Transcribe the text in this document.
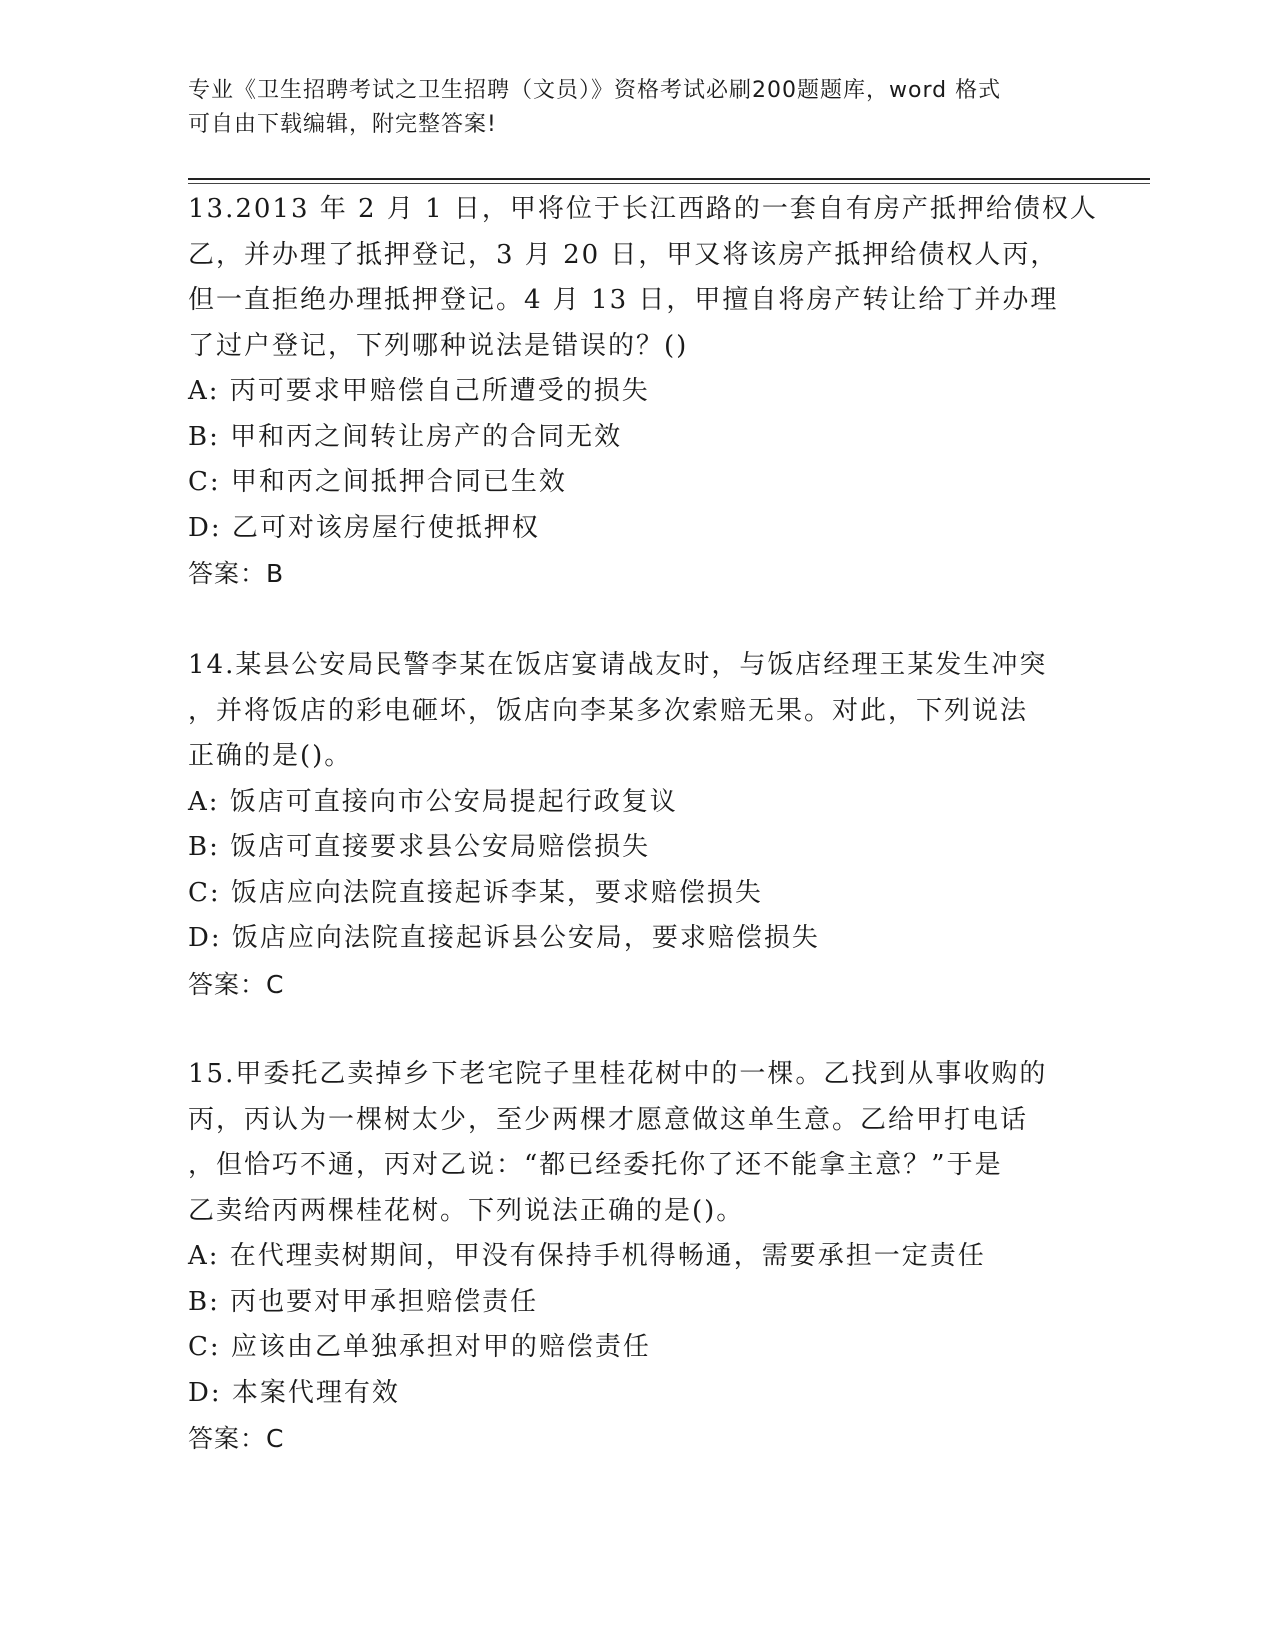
专业《卫生招聘考试之卫生招聘（文员）》资格考试必刷200题题库，word 格式
可自由下载编辑，附完整答案!
13.2013 年 2 月 1 日，甲将位于长江西路的一套自有房产抵押给债权人
乙，并办理了抵押登记，3 月 20 日，甲又将该房产抵押给债权人丙，
但一直拒绝办理抵押登记。4 月 13 日，甲擅自将房产转让给丁并办理
了过户登记，下列哪种说法是错误的？()
A: 丙可要求甲赔偿自己所遭受的损失
B: 甲和丙之间转让房产的合同无效
C: 甲和丙之间抵押合同已生效
D: 乙可对该房屋行使抵押权
答案：B
14.某县公安局民警李某在饭店宴请战友时，与饭店经理王某发生冲突
，并将饭店的彩电砸坏，饭店向李某多次索赔无果。对此，下列说法
正确的是()。
A: 饭店可直接向市公安局提起行政复议
B: 饭店可直接要求县公安局赔偿损失
C: 饭店应向法院直接起诉李某，要求赔偿损失
D: 饭店应向法院直接起诉县公安局，要求赔偿损失
答案：C
15.甲委托乙卖掉乡下老宅院子里桂花树中的一棵。乙找到从事收购的
丙，丙认为一棵树太少，至少两棵才愿意做这单生意。乙给甲打电话
，但恰巧不通，丙对乙说：“都已经委托你了还不能拿主意？”于是
乙卖给丙两棵桂花树。下列说法正确的是()。
A: 在代理卖树期间，甲没有保持手机得畅通，需要承担一定责任
B: 丙也要对甲承担赔偿责任
C: 应该由乙单独承担对甲的赔偿责任
D: 本案代理有效
答案：C
